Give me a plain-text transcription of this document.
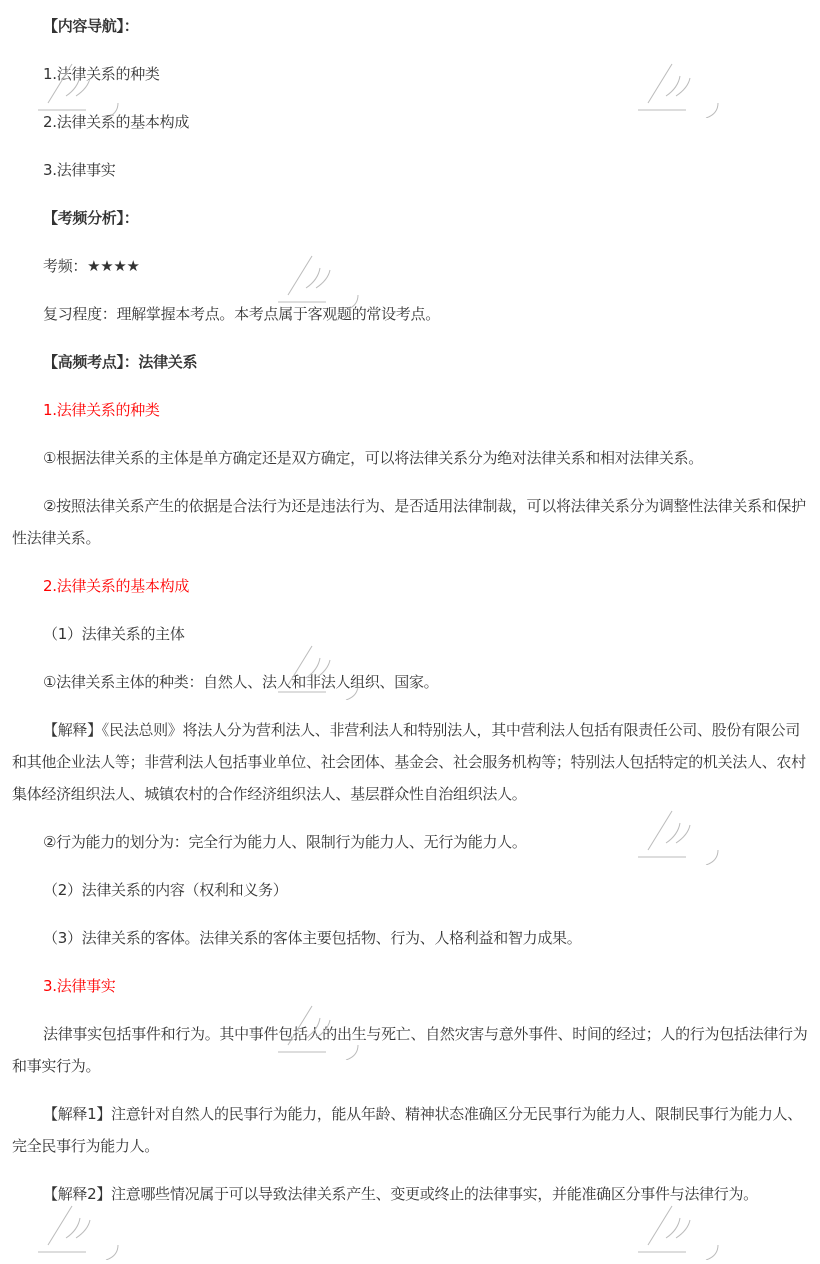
【内容导航】：

1.法律关系的种类

2.法律关系的基本构成

3.法律事实

【考频分析】：

考频：★★★★

复习程度：理解掌握本考点。本考点属于客观题的常设考点。

【高频考点】：法律关系

1.法律关系的种类

①根据法律关系的主体是单方确定还是双方确定，可以将法律关系分为绝对法律关系和相对法律关系。

②按照法律关系产生的依据是合法行为还是违法行为、是否适用法律制裁，可以将法律关系分为调整性法律关系和保护性法律关系。

2.法律关系的基本构成

（1）法律关系的主体

①法律关系主体的种类：自然人、法人和非法人组织、国家。

【解释】《民法总则》将法人分为营利法人、非营利法人和特别法人，其中营利法人包括有限责任公司、股份有限公司和其他企业法人等；非营利法人包括事业单位、社会团体、基金会、社会服务机构等；特别法人包括特定的机关法人、农村集体经济组织法人、城镇农村的合作经济组织法人、基层群众性自治组织法人。

②行为能力的划分为：完全行为能力人、限制行为能力人、无行为能力人。

（2）法律关系的内容（权利和义务）

（3）法律关系的客体。法律关系的客体主要包括物、行为、人格利益和智力成果。

3.法律事实

法律事实包括事件和行为。其中事件包括人的出生与死亡、自然灾害与意外事件、时间的经过；人的行为包括法律行为和事实行为。

【解释1】注意针对自然人的民事行为能力，能从年龄、精神状态准确区分无民事行为能力人、限制民事行为能力人、完全民事行为能力人。

【解释2】注意哪些情况属于可以导致法律关系产生、变更或终止的法律事实，并能准确区分事件与法律行为。
